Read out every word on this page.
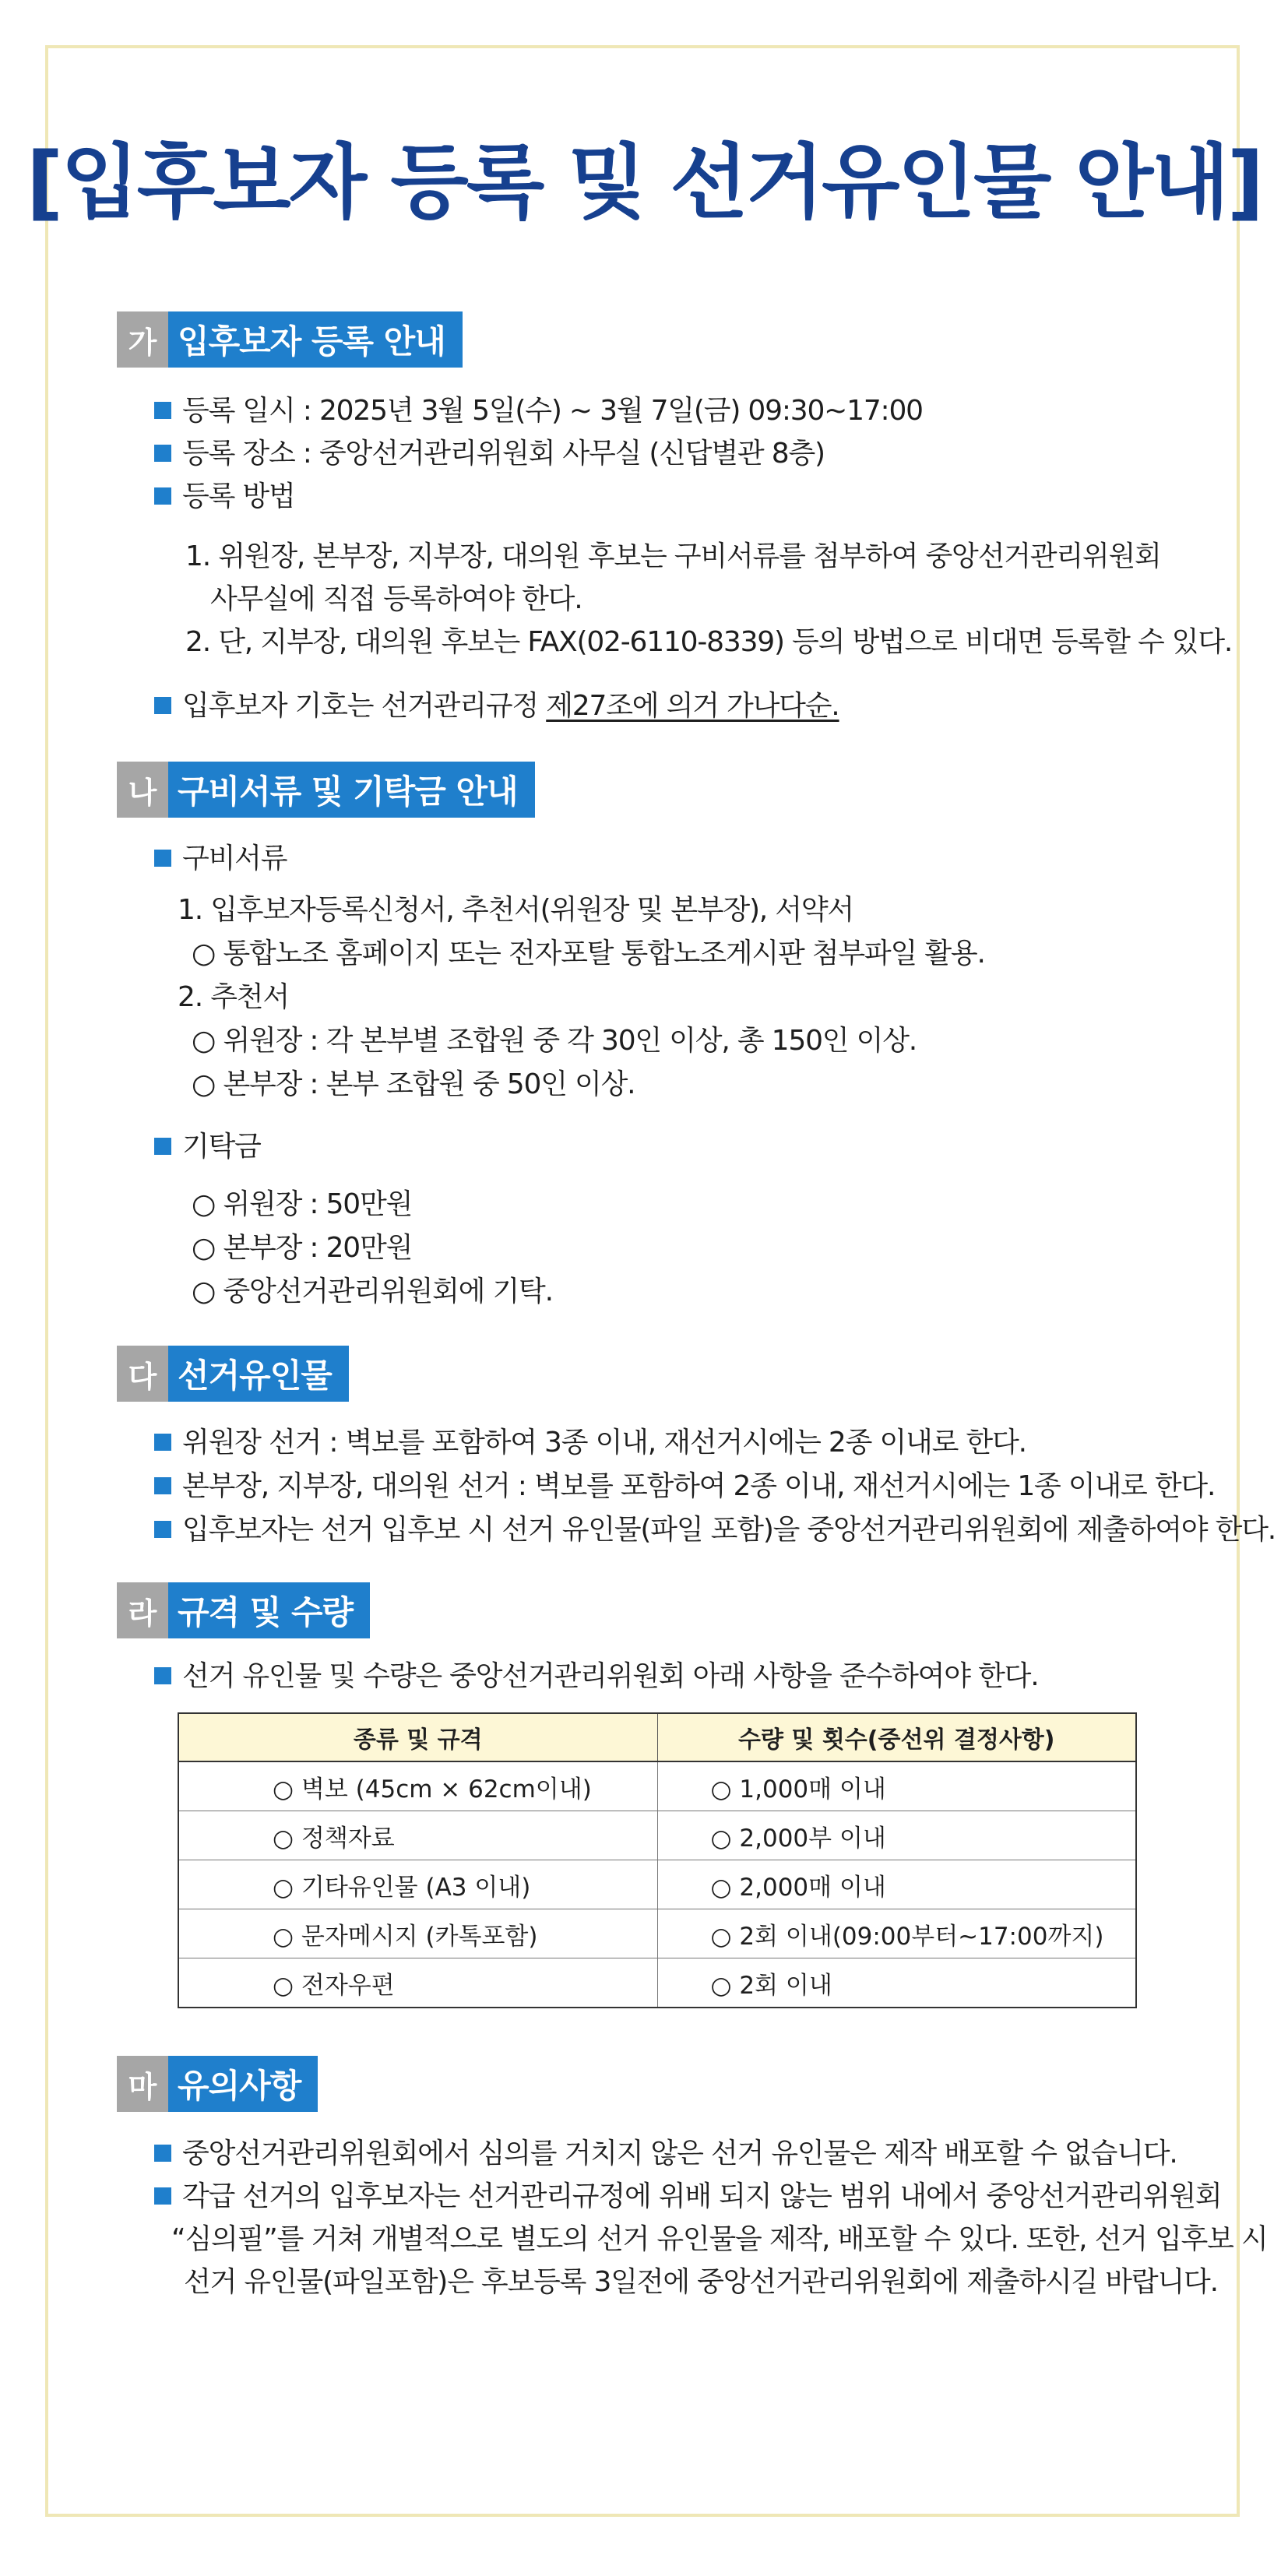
[입후보자 등록 및 선거유인물 안내]
가 입후보자 등록 안내
등록 일시 : 2025년 3월 5일(수) ~ 3월 7일(금) 09:30~17:00
등록 장소 : 중앙선거관리위원회 사무실 (신답별관 8층)
등록 방법
1. 위원장, 본부장, 지부장, 대의원 후보는 구비서류를 첨부하여 중앙선거관리위원회
사무실에 직접 등록하여야 한다.
2. 단, 지부장, 대의원 후보는 FAX(02-6110-8339) 등의 방법으로 비대면 등록할 수 있다.
입후보자 기호는 선거관리규정 제27조에 의거 가나다순.
나 구비서류 및 기탁금 안내
구비서류
1. 입후보자등록신청서, 추천서(위원장 및 본부장), 서약서
○ 통합노조 홈페이지 또는 전자포탈 통합노조게시판 첨부파일 활용.
2. 추천서
○ 위원장 : 각 본부별 조합원 중 각 30인 이상, 총 150인 이상.
○ 본부장 : 본부 조합원 중 50인 이상.
기탁금
○ 위원장 : 50만원
○ 본부장 : 20만원
○ 중앙선거관리위원회에 기탁.
다 선거유인물
위원장 선거 : 벽보를 포함하여 3종 이내, 재선거시에는 2종 이내로 한다.
본부장, 지부장, 대의원 선거 : 벽보를 포함하여 2종 이내, 재선거시에는 1종 이내로 한다.
입후보자는 선거 입후보 시 선거 유인물(파일 포함)을 중앙선거관리위원회에 제출하여야 한다.
라 규격 및 수량
선거 유인물 및 수량은 중앙선거관리위원회 아래 사항을 준수하여야 한다.
종류 및 규격	수량 및 횟수(중선위 결정사항)
○ 벽보 (45cm × 62cm이내)	○ 1,000매 이내
○ 정책자료	○ 2,000부 이내
○ 기타유인물 (A3 이내)	○ 2,000매 이내
○ 문자메시지 (카톡포함)	○ 2회 이내(09:00부터~17:00까지)
○ 전자우편	○ 2회 이내
마 유의사항
중앙선거관리위원회에서 심의를 거치지 않은 선거 유인물은 제작 배포할 수 없습니다.
각급 선거의 입후보자는 선거관리규정에 위배 되지 않는 범위 내에서 중앙선거관리위원회
“심의필”를 거쳐 개별적으로 별도의 선거 유인물을 제작, 배포할 수 있다. 또한, 선거 입후보 시
선거 유인물(파일포함)은 후보등록 3일전에 중앙선거관리위원회에 제출하시길 바랍니다.
